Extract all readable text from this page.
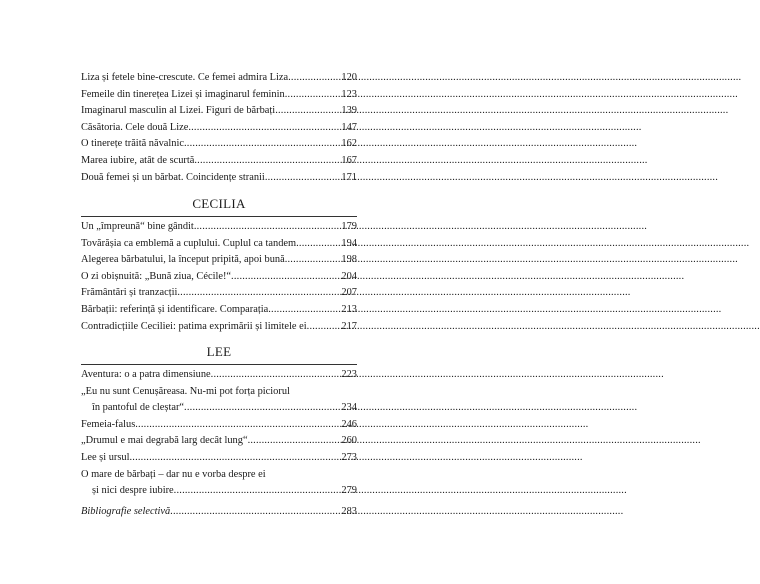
Liza și fetele bine-crescute. Ce femei admira Liza .....	120
Femeile din tinerețea Lizei și imaginarul feminin .....	123
Imaginarul masculin al Lizei. Figuri de bărbați .....	139
Căsătoria. Cele două Lize .....	147
O tinerețe trăită năvalnic .....	162
Marea iubire, atât de scurtă .....	167
Două femei și un bărbat. Coincidențe stranii .....	171
CECILIA
Un „împreună“ bine gândit .....	179
Tovărășia ca emblemă a cuplului. Cuplul ca tandem .....	194
Alegerea bărbatului, la început pripită, apoi bună .....	198
O zi obișnuită: „Bună ziua, Cécile!“ .....	204
Frământări și tranzacții .....	207
Bărbații: referință și identificare. Comparația .....	213
Contradicțiile Ceciliei: patima exprimării și limitele ei .....	217
LEE
Aventura: o a patra dimensiune .....	223
„Eu nu sunt Cenușăreasa. Nu-mi pot forța piciorul
în pantoful de cleștar“ .....	234
Femeia-falus .....	246
„Drumul e mai degrabă larg decât lung“ .....	260
Lee și ursul .....	273
O mare de bărbați – dar nu e vorba despre ei
și nici despre iubire .....	279
Bibliografie selectivă .....	283
